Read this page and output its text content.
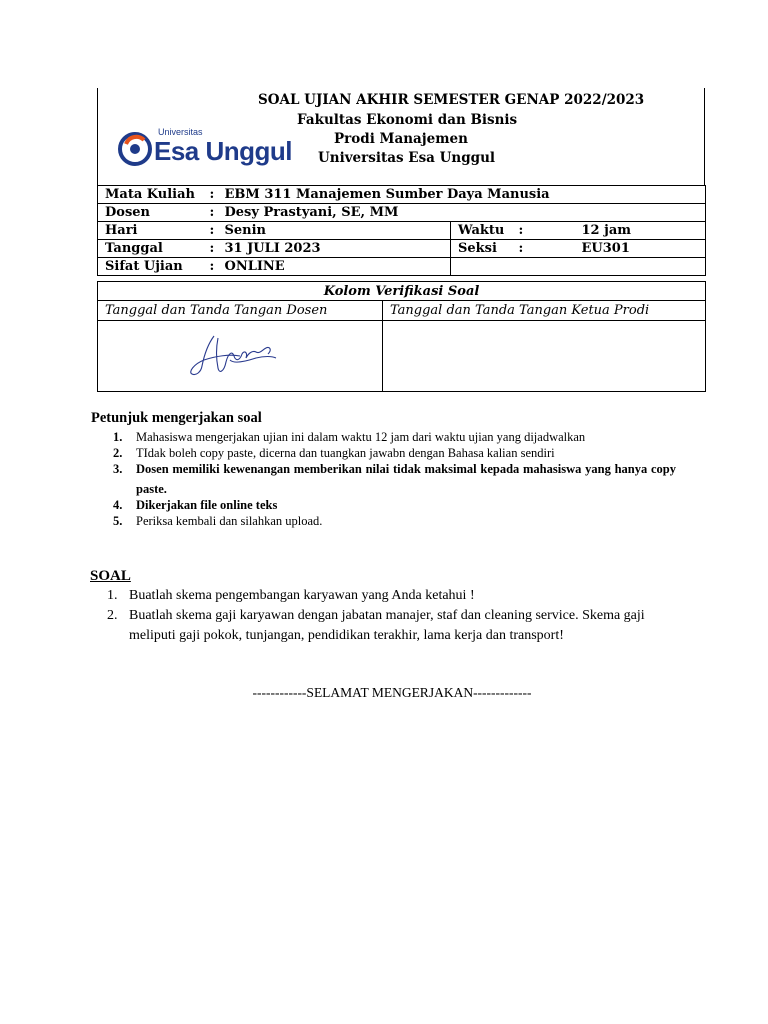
Universitas
Esa Unggul
SOAL UJIAN AKHIR SEMESTER GENAP 2022/2023
Fakultas Ekonomi dan Bisnis
Prodi Manajemen
Universitas Esa Unggul
Mata Kuliah	:	EBM 311 Manajemen Sumber Daya Manusia			
Dosen	:	Desy Prastyani, SE, MM			
Hari	:	Senin	Waktu	:	12 jam
Tanggal	:	31 JULI 2023	Seksi	:	EU301
Sifat Ujian	:	ONLINE			
Kolom Verifikasi Soal	
Tanggal dan Tanda Tangan Dosen	Tanggal dan Tanda Tangan Ketua Prodi

Petunjuk mengerjakan soal
1.	Mahasiswa mengerjakan ujian ini dalam waktu 12 jam dari waktu ujian yang dijadwalkan
2.	TIdak boleh copy paste, dicerna dan tuangkan jawabn dengan Bahasa kalian sendiri
3.	Dosen memiliki kewenangan memberikan nilai tidak maksimal kepada mahasiswa yang hanya copy paste.
4.	Dikerjakan file online teks
5.	Periksa kembali dan silahkan upload.
SOAL
1. Buatlah skema pengembangan karyawan yang Anda ketahui !
2. Buatlah skema gaji karyawan dengan jabatan manajer, staf dan cleaning service. Skema gaji meliputi gaji pokok, tunjangan, pendidikan terakhir, lama kerja dan transport!
------------SELAMAT MENGERJAKAN-------------
